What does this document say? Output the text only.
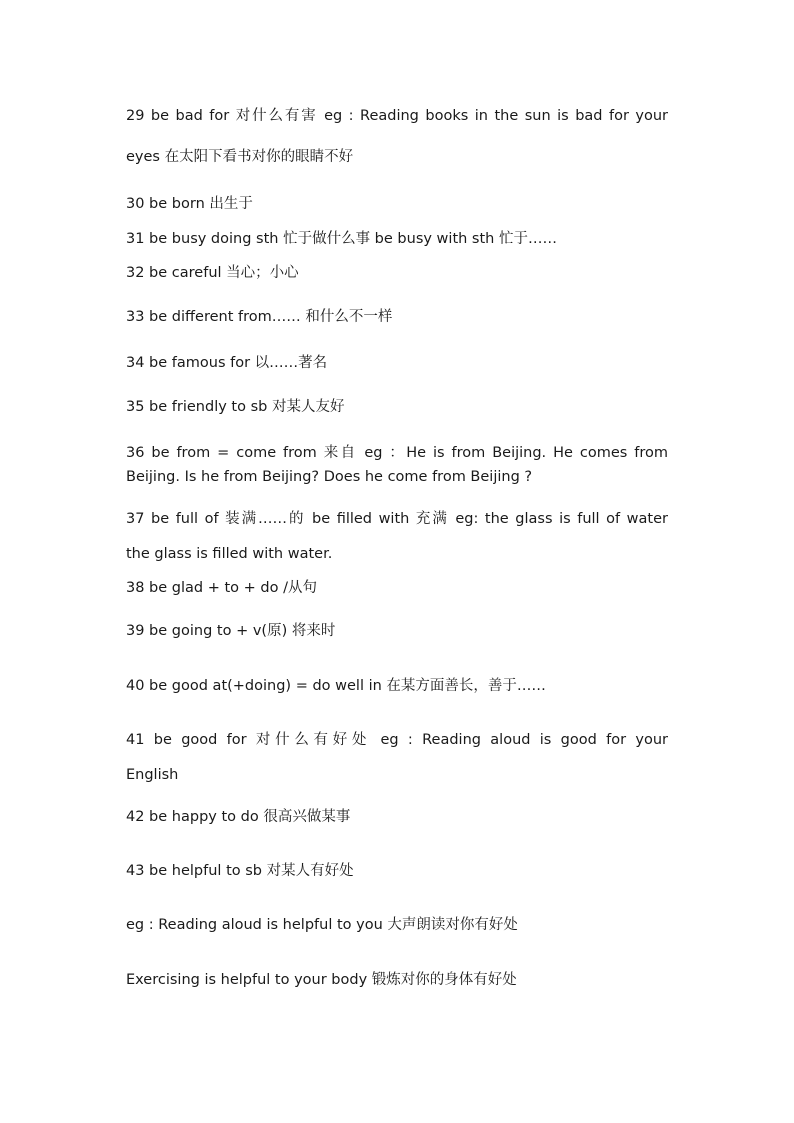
29 be bad for 对什么有害 eg : Reading books in the sun is bad for your
eyes 在太阳下看书对你的眼睛不好
30 be born 出生于
31 be busy doing sth 忙于做什么事 be busy with sth 忙于……
32 be careful 当心；小心
33 be different from…… 和什么不一样
34 be famous for 以……著名
35 be friendly to sb 对某人友好
36 be from = come from 来自 eg ：He is from Beijing. He comes from
Beijing. Is he from Beijing? Does he come from Beijing ?
37 be full of 装满……的 be filled with 充满 eg: the glass is full of water
the glass is filled with water.
38 be glad + to + do /从句
39 be going to + v(原) 将来时
40 be good at(+doing) = do well in 在某方面善长，善于……
41 be good for 对什么有好处 eg : Reading aloud is good for your
English
42 be happy to do 很高兴做某事
43 be helpful to sb 对某人有好处
eg : Reading aloud is helpful to you 大声朗读对你有好处
Exercising is helpful to your body 锻炼对你的身体有好处
